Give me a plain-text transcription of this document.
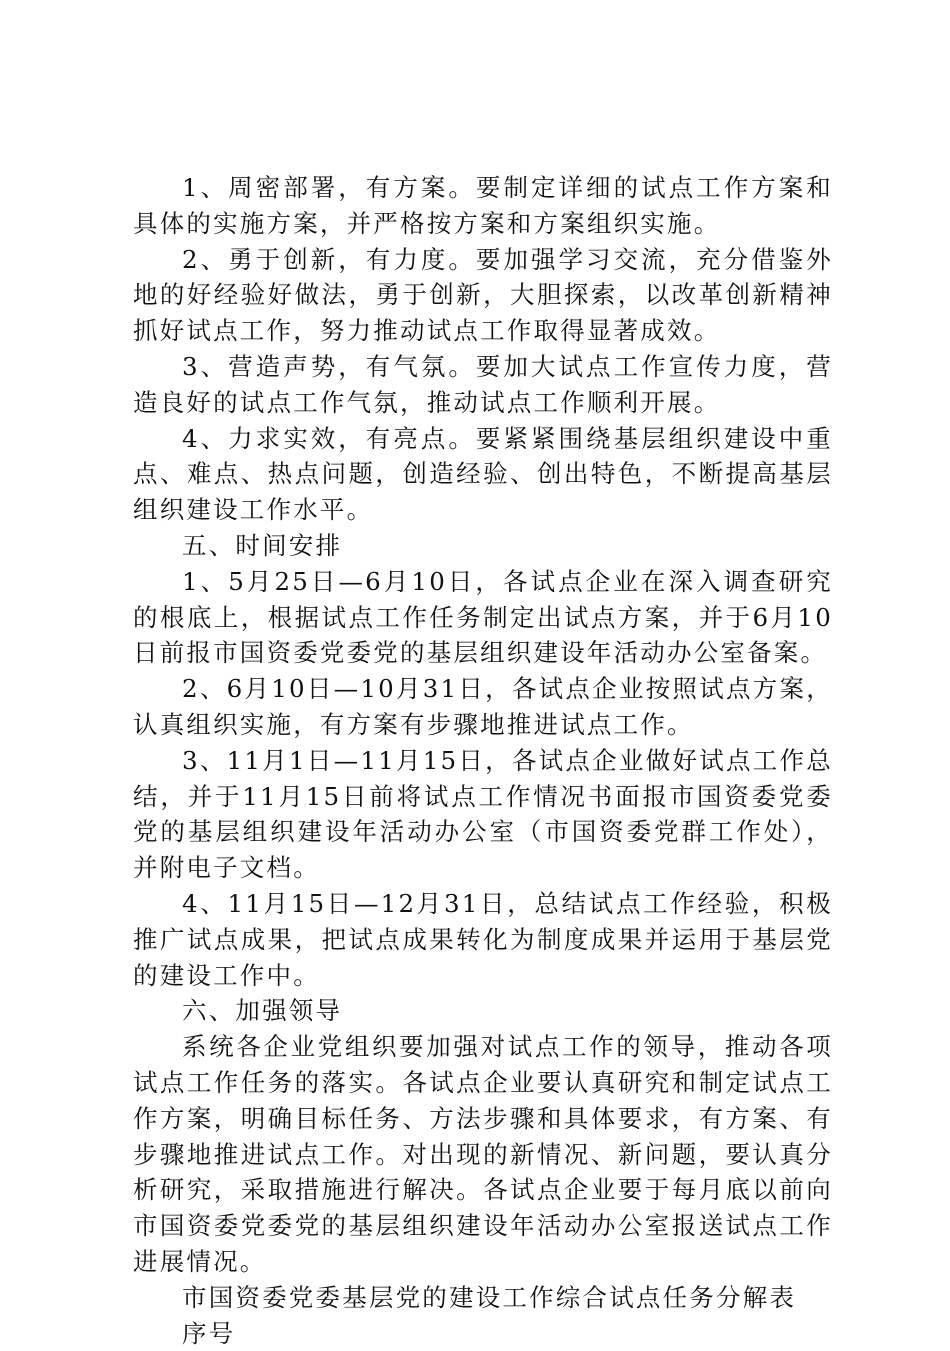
1、周密部署，有方案。要制定详细的试点工作方案和具体的实施方案，并严格按方案和方案组织实施。

2、勇于创新，有力度。要加强学习交流，充分借鉴外地的好经验好做法，勇于创新，大胆探索，以改革创新精神抓好试点工作，努力推动试点工作取得显著成效。

3、营造声势，有气氛。要加大试点工作宣传力度，营造良好的试点工作气氛，推动试点工作顺利开展。

4、力求实效，有亮点。要紧紧围绕基层组织建设中重点、难点、热点问题，创造经验、创出特色，不断提高基层组织建设工作水平。

五、时间安排

1、5月25日—6月10日，各试点企业在深入调查研究的根底上，根据试点工作任务制定出试点方案，并于6月10日前报市国资委党委党的基层组织建设年活动办公室备案。

2、6月10日—10月31日，各试点企业按照试点方案，认真组织实施，有方案有步骤地推进试点工作。

3、11月1日—11月15日，各试点企业做好试点工作总结，并于11月15日前将试点工作情况书面报市国资委党委党的基层组织建设年活动办公室（市国资委党群工作处），并附电子文档。

4、11月15日—12月31日，总结试点工作经验，积极推广试点成果，把试点成果转化为制度成果并运用于基层党的建设工作中。

六、加强领导

系统各企业党组织要加强对试点工作的领导，推动各项试点工作任务的落实。各试点企业要认真研究和制定试点工作方案，明确目标任务、方法步骤和具体要求，有方案、有步骤地推进试点工作。对出现的新情况、新问题，要认真分析研究，采取措施进行解决。各试点企业要于每月底以前向市国资委党委党的基层组织建设年活动办公室报送试点工作进展情况。

市国资委党委基层党的建设工作综合试点任务分解表

序号
